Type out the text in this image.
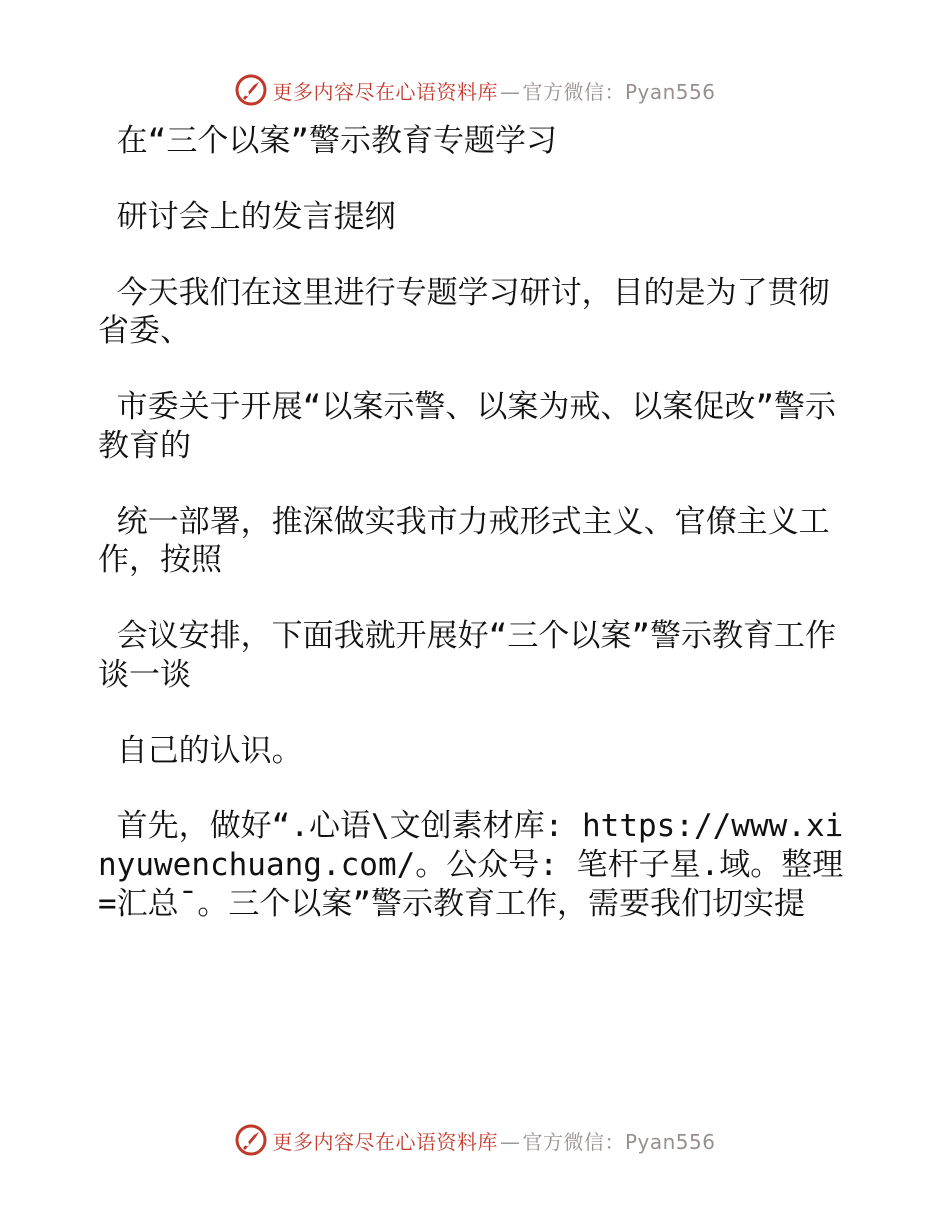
更多内容尽在心语资料库 — 官方微信：Pyan556

在“三个以案”警示教育专题学习

研讨会上的发言提纲

今天我们在这里进行专题学习研讨，目的是为了贯彻省委、

市委关于开展“以案示警、以案为戒、以案促改”警示教育的

统一部署，推深做实我市力戒形式主义、官僚主义工作，按照

会议安排，下面我就开展好“三个以案”警示教育工作谈一谈

自己的认识。

首先，做好“.心语\文创素材库: https://www.xinyuwenchuang.com/。公众号: 笔杆子星.域。整理=汇总¯。三个以案”警示教育工作，需要我们切实提

更多内容尽在心语资料库 — 官方微信：Pyan556
